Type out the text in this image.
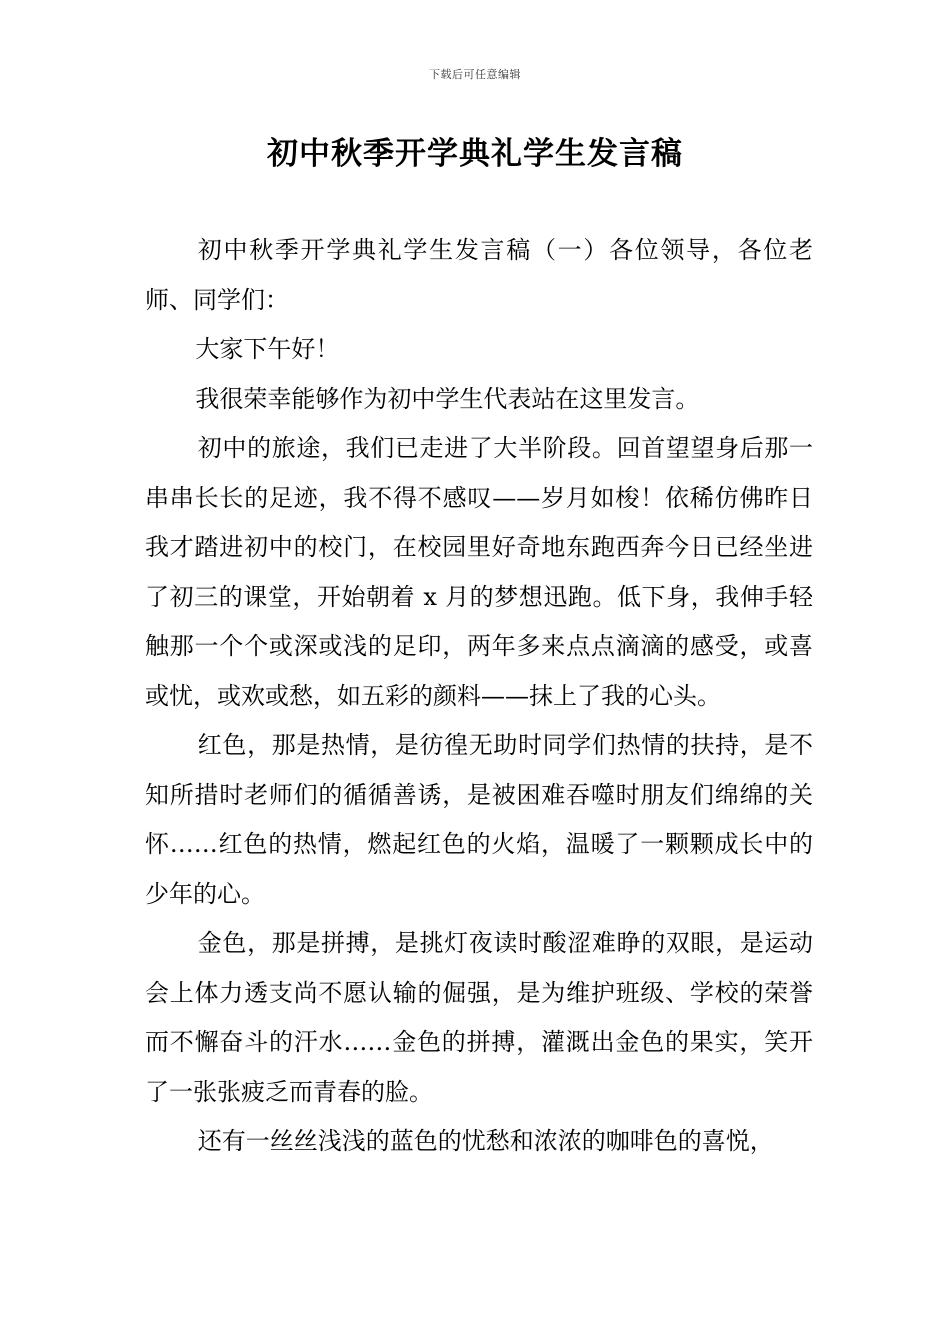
下载后可任意编辑
初中秋季开学典礼学生发言稿

初中秋季开学典礼学生发言稿（一）各位领导，各位老师、同学们：

大家下午好！

我很荣幸能够作为初中学生代表站在这里发言。

初中的旅途，我们已走进了大半阶段。回首望望身后那一串串长长的足迹，我不得不感叹——岁月如梭！依稀仿佛昨日我才踏进初中的校门，在校园里好奇地东跑西奔今日已经坐进了初三的课堂，开始朝着 x 月的梦想迅跑。低下身，我伸手轻触那一个个或深或浅的足印，两年多来点点滴滴的感受，或喜或忧，或欢或愁，如五彩的颜料——抹上了我的心头。

红色，那是热情，是彷徨无助时同学们热情的扶持，是不知所措时老师们的循循善诱，是被困难吞噬时朋友们绵绵的关怀……红色的热情，燃起红色的火焰，温暖了一颗颗成长中的少年的心。

金色，那是拼搏，是挑灯夜读时酸涩难睁的双眼，是运动会上体力透支尚不愿认输的倔强，是为维护班级、学校的荣誉而不懈奋斗的汗水……金色的拼搏，灌溉出金色的果实，笑开了一张张疲乏而青春的脸。

还有一丝丝浅浅的蓝色的忧愁和浓浓的咖啡色的喜悦，
